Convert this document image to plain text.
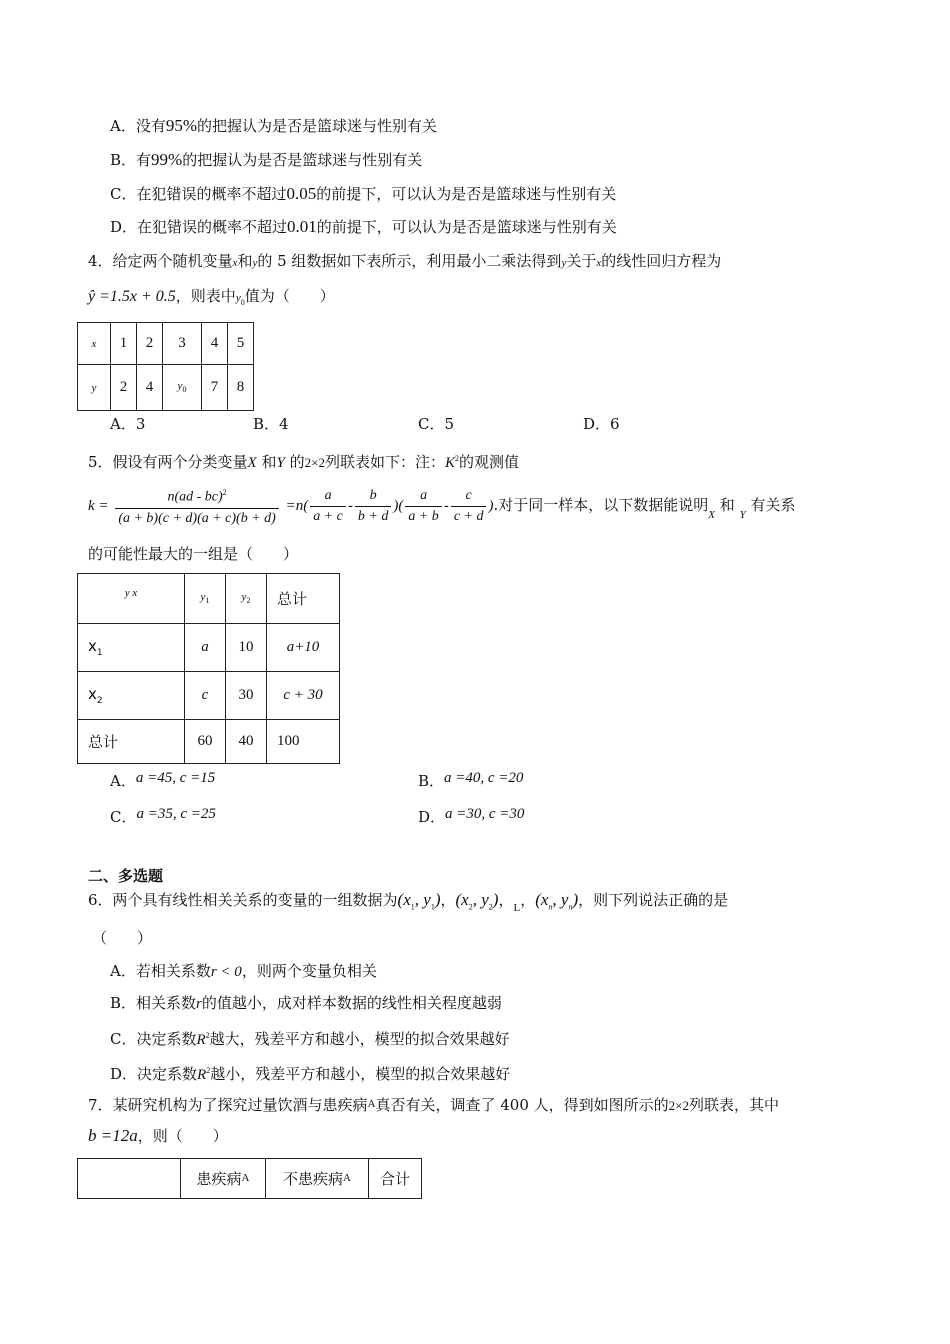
A．没有95%的把握认为是否是篮球迷与性别有关
B．有99%的把握认为是否是篮球迷与性别有关
C．在犯错误的概率不超过0.05的前提下，可以认为是否是篮球迷与性别有关
D．在犯错误的概率不超过0.01的前提下，可以认为是否是篮球迷与性别有关
4．给定两个随机变量x和y的 5 组数据如下表所示，利用最小二乘法得到y关于x的线性回归方程为
ŷ =1.5x + 0.5，则表中$y_0$值为（　　）
x	1	2	3	4	5
y	2	4	$y_0$	7	8
A．3	B．4	C．5	D．6
5．假设有两个分类变量X 和Y 的2×2列联表如下：注：$K^2$的观测值
$k = \frac{n(ad - bc)^2}{(a + b)(c + d)(a + c)(b + d)} =n( \frac{a}{a + c} - \frac{b}{b + d}$ )( $\frac{a}{a + b} - \frac{c}{c + d}$ ).对于同一样本，以下数据能说明$_X$ 和 $_Y$ 有关系
的可能性最大的一组是（　　）
y x	$y_1$	$y_2$	总计
$x_1$	a	10	a+10
$x_2$	c	30	c + 30
总计	60	40	100
A．a =45, c =15	B．a =40, c =20
C．a =35, c =25	D．a =30, c =30
二、多选题
6．两个具有线性相关关系的变量的一组数据为($x_1$, $y_1$)，($x_2$, $y_2$)，$_L$，($x_n$, $y_n$)，则下列说法正确的是
（　　）
A．若相关系数r < 0，则两个变量负相关
B．相关系数r的值越小，成对样本数据的线性相关程度越弱
C．决定系数$R^2$越大，残差平方和越小，模型的拟合效果越好
D．决定系数$R^2$越小，残差平方和越小，模型的拟合效果越好
7．某研究机构为了探究过量饮酒与患疾病$^A$真否有关，调查了 400 人，得到如图所示的2×2列联表，其中
b =12a，则（　　）
	患疾病$^A$	不患疾病$^A$	合计
